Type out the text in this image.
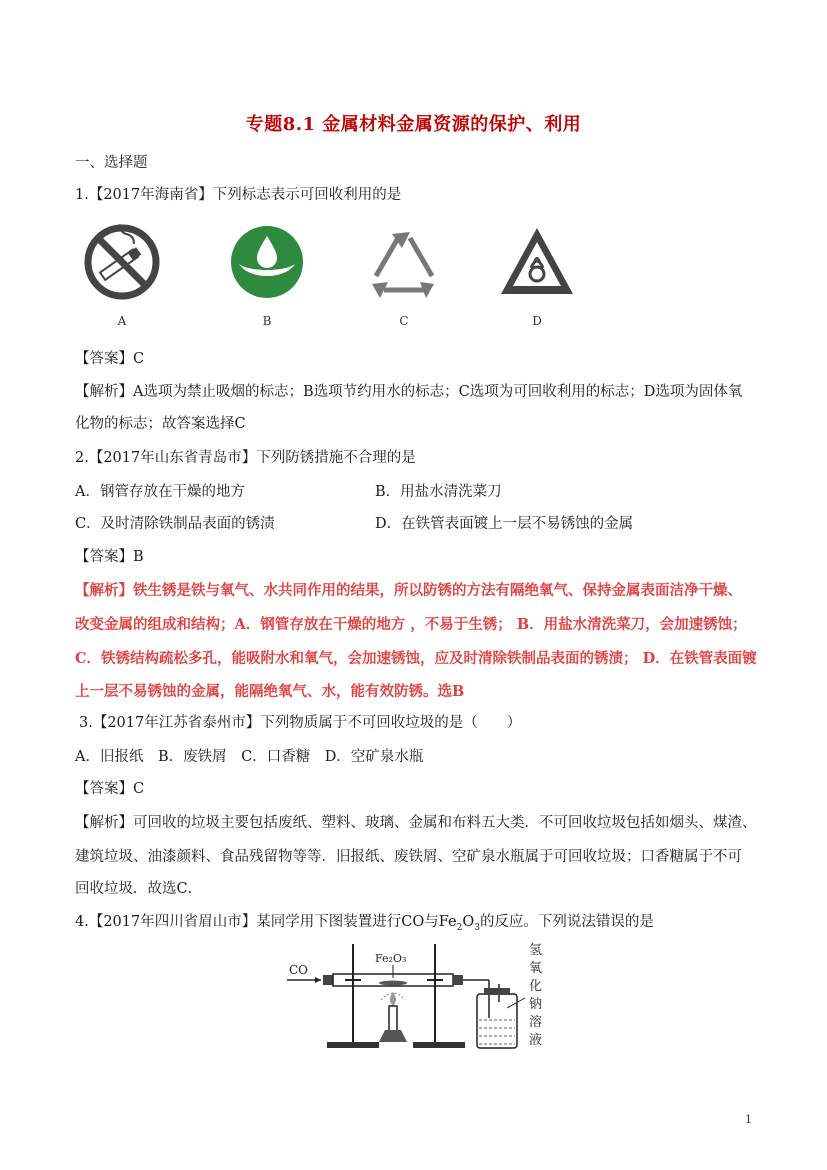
专题8.1 金属材料金属资源的保护、利用
一、选择题
1.【2017年海南省】下列标志表示可回收利用的是
A	B	C	D
【答案】C
【解析】A选项为禁止吸烟的标志；B选项节约用水的标志；C选项为可回收利用的标志；D选项为固体氧
化物的标志；故答案选择C
2.【2017年山东省青岛市】下列防锈措施不合理的是
A．钢管存放在干燥的地方	B．用盐水清洗菜刀
C．及时清除铁制品表面的锈渍	D．在铁管表面镀上一层不易锈蚀的金属
【答案】B
【解析】铁生锈是铁与氧气、水共同作用的结果，所以防锈的方法有隔绝氧气、保持金属表面洁净干燥、
改变金属的组成和结构；A．钢管存放在干燥的地方 ，不易于生锈； B．用盐水清洗菜刀，会加速锈蚀；
C．铁锈结构疏松多孔，能吸附水和氧气，会加速锈蚀，应及时清除铁制品表面的锈渍； D．在铁管表面镀
上一层不易锈蚀的金属，能隔绝氧气、水，能有效防锈。选B
3.【2017年江苏省泰州市】下列物质属于不可回收垃圾的是（　　）
A．旧报纸　B．废铁屑　C．口香糖　D．空矿泉水瓶
【答案】C
【解析】可回收的垃圾主要包括废纸、塑料、玻璃、金属和布料五大类．不可回收垃圾包括如烟头、煤渣、
建筑垃圾、油漆颜料、食品残留物等等．旧报纸、废铁屑、空矿泉水瓶属于可回收垃圾；口香糖属于不可
回收垃圾．故选C．
4.【2017年四川省眉山市】某同学用下图装置进行CO与$Fe_2O_3$的反应。下列说法错误的是
CO
Fe₂O₃
氢
氧
化
钠
溶
液
1
